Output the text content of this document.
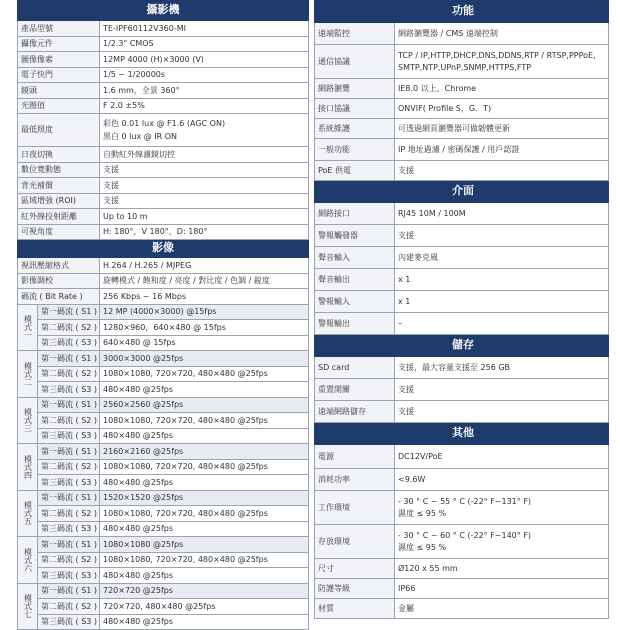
攝影機		
產品型號		TE-IPF60112V360-MI

攝像元件		1/2.3" CMOS

圖像像素		12MP 4000 (H)×3000 (V)

電子快門		1/5 ~ 1/20000s

鏡頭		1.6 mm，全景 360°

光圈值		F 2.0 ±5%

最低照度		彩色 0.01 lux @ F1.6 (AGC ON)
黑白 0 lux @ IR ON

日夜切換		自動紅外線濾鏡切控

數位寬動態		支援

背光補償		支援

區域增強 (ROI)		支援

紅外線投射距離		Up to 10 m

可視角度		H: 180°，V 180°，D: 180°

影像		
視訊壓縮格式		H.264 / H.265 / MJPEG

影像調校		旋轉模式 / 飽和度 / 亮度 / 對比度 / 色調 / 銳度

碼流 ( Bit Rate )		256 Kbps ~ 16 Mbps

模式一	第一碼流 ( S1 )	12 MP (4000×3000) @15fps
	第二碼流 ( S2 )	1280×960，640×480 @ 15fps
	第三碼流 ( S3 )	640×480 @ 15fps
模式二	第一碼流 ( S1 )	3000×3000 @25fps
	第二碼流 ( S2 )	1080×1080, 720×720, 480×480 @25fps
	第三碼流 ( S3 )	480×480 @25fps
模式三	第一碼流 ( S1 )	2560×2560 @25fps
	第二碼流 ( S2 )	1080×1080, 720×720, 480×480 @25fps
	第三碼流 ( S3 )	480×480 @25fps
模式四	第一碼流 ( S1 )	2160×2160 @25fps
	第二碼流 ( S2 )	1080×1080, 720×720, 480×480 @25fps
	第三碼流 ( S3 )	480×480 @25fps
模式五	第一碼流 ( S1 )	1520×1520 @25fps
	第二碼流 ( S2 )	1080×1080, 720×720, 480×480 @25fps
	第三碼流 ( S3 )	480×480 @25fps
模式六	第一碼流 ( S1 )	1080×1080 @25fps
	第二碼流 ( S2 )	1080×1080, 720×720, 480×480 @25fps
	第三碼流 ( S3 )	480×480 @25fps
模式七	第一碼流 ( S1 )	720×720 @25fps
	第二碼流 ( S2 )	720×720, 480×480 @25fps
	第三碼流 ( S3 )	480×480 @25fps
功能	
遠端監控	網路瀏覽器 / CMS 遠端控制

通信協議	TCP / IP,HTTP,DHCP,DNS,DDNS,RTP / RTSP,PPPoE,
SMTP,NTP,UPnP,SNMP,HTTPS,FTP

網路瀏覽	IE8.0 以上，Chrome

接口協議	ONVIF( Profile S，G．T)

系統維護	可透過網頁瀏覽器可做韌體更新

一般功能	IP 地址過濾 / 密碼保護 / 用戶認證

PoE 供電	支援

介面	
網路接口	RJ45 10M / 100M

警報觸發器	支援

聲音輸入	內建麥克風

聲音輸出	x 1

警報輸入	x 1

警報輸出	–

儲存	
SD card	支援，最大容量支援至 256 GB

重置開關	支援

遠端網路儲存	支援

其他	
電源	DC12V/PoE

消耗功率	<9.6W

工作環境	- 30 ° C ~ 55 ° C (-22° F~131° F)
濕度 ≤ 95 %

存放環境	- 30 ° C ~ 60 ° C (-22° F~140° F)
濕度 ≤ 95 %

尺寸	Ø120 x 55 mm

防護等級	IP66

材質	金屬
